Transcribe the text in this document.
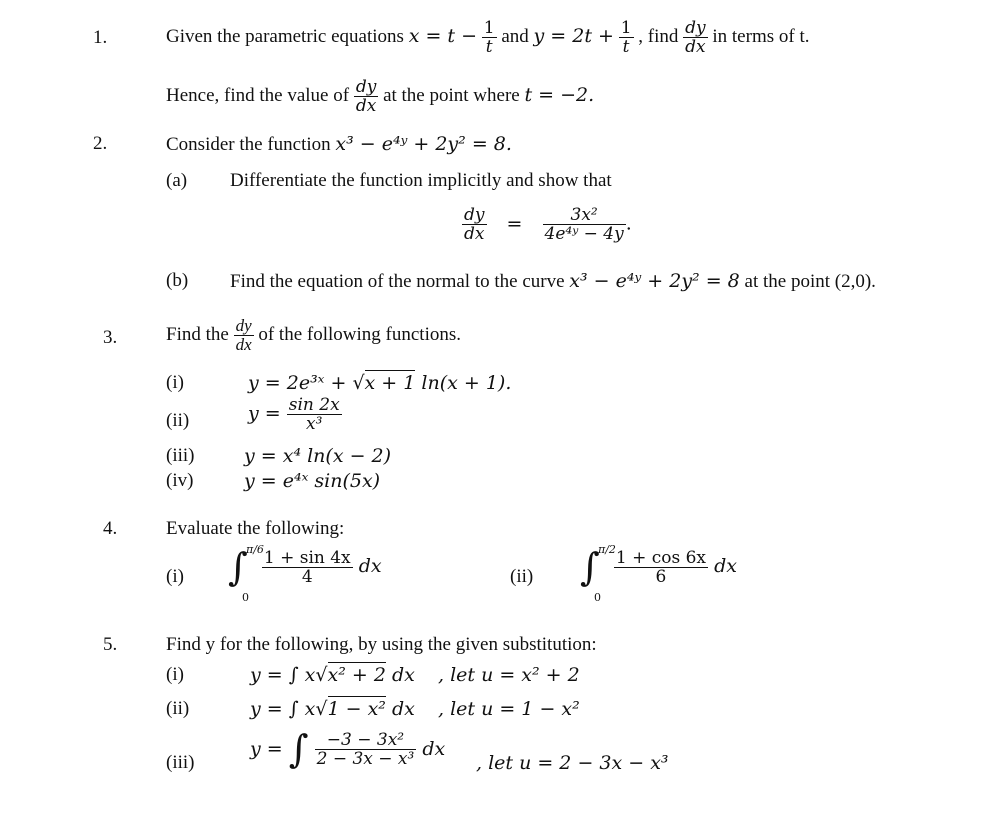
1.	Given the parametric equations $x = t - \frac{1}{t}$ and $y = 2t + \frac{1}{t}$ , find $\frac{dy}{dx}$ in terms of t.
Hence, find the value of $\frac{dy}{dx}$ at the point where t = −2.
2.	Consider the function x³ − e⁴ʸ + 2y² = 8.
(a) Differentiate the function implicitly and show that
$\frac{dy}{dx} = \frac{\text{3x²}}{\text{4e⁴ʸ − 4y}}$ .
(b) Find the equation of the normal to the curve x³ − e⁴ʸ + 2y² = 8 at the point (2,0).
3.	Find the $\frac{dy}{dx}$ of the following functions.
(i)	y = 2e³ˣ + √x + 1 ln(x + 1).
(ii)	$y = \frac{\sin 2x}{\text{x³}}$
(iii)	y = x⁴ ln(x − 2)
(iv)	y = e⁴ˣ sin(5x)
4.	Evaluate the following:
(i) ∫
π/6
0
$\frac{1 + \sin 4x}{4}$ dx	(ii) ∫
π/2
0
$\frac{1 + \cos 6x}{6}$ dx
5.	Find y for the following, by using the given substitution:
(i)	y = ∫ x√x² + 2 dx , let u = x² + 2
(ii)	y = ∫ x√1 − x² dx , let u = 1 − x²
(iii)
y = ∫ $\frac{\text{−3 − 3x²}}{\text{2 − 3x − x³}}$ dx
, let u = 2 − 3x − x³
